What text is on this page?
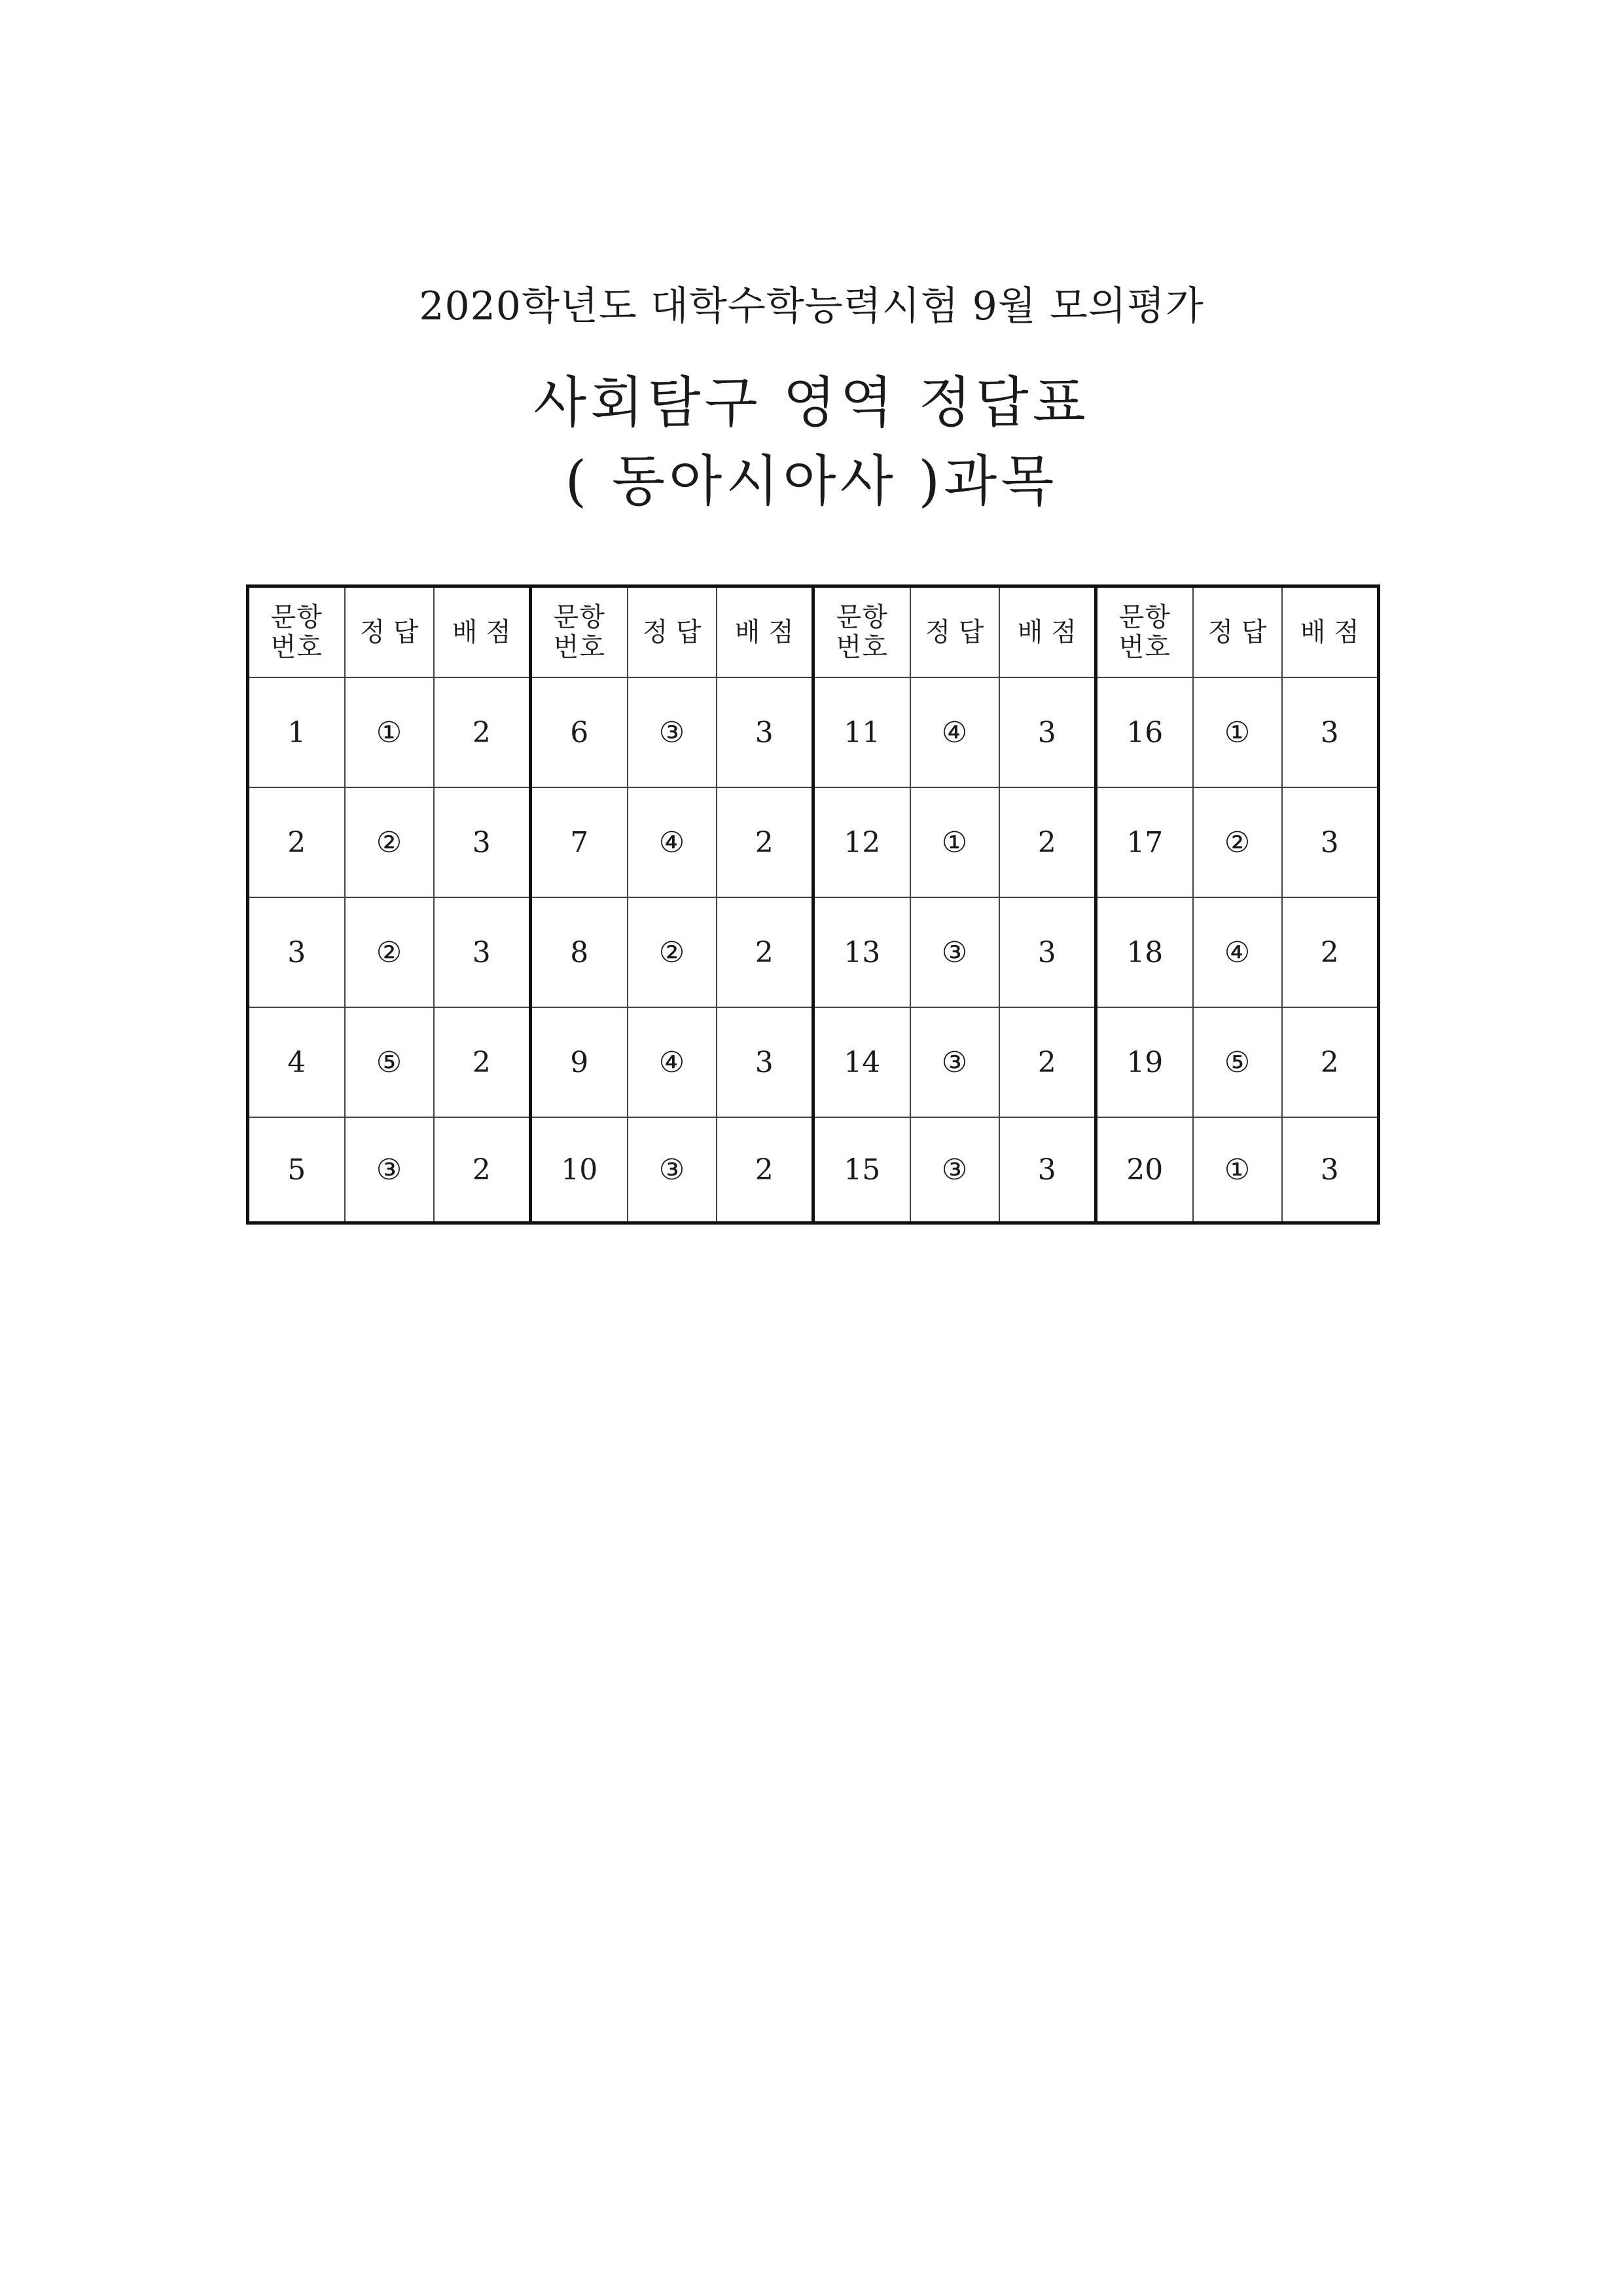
2020학년도 대학수학능력시험 9월 모의평가
사회탐구 영역 정답표
( 동아시아사 )과목
문항
번호	정 답	배 점	문항
번호	정 답	배 점	문항
번호	정 답	배 점	문항
번호	정 답	배 점
1	①	2	6	③	3	11	④	3	16	①	3
2	②	3	7	④	2	12	①	2	17	②	3
3	②	3	8	②	2	13	③	3	18	④	2
4	⑤	2	9	④	3	14	③	2	19	⑤	2
5	③	2	10	③	2	15	③	3	20	①	3
